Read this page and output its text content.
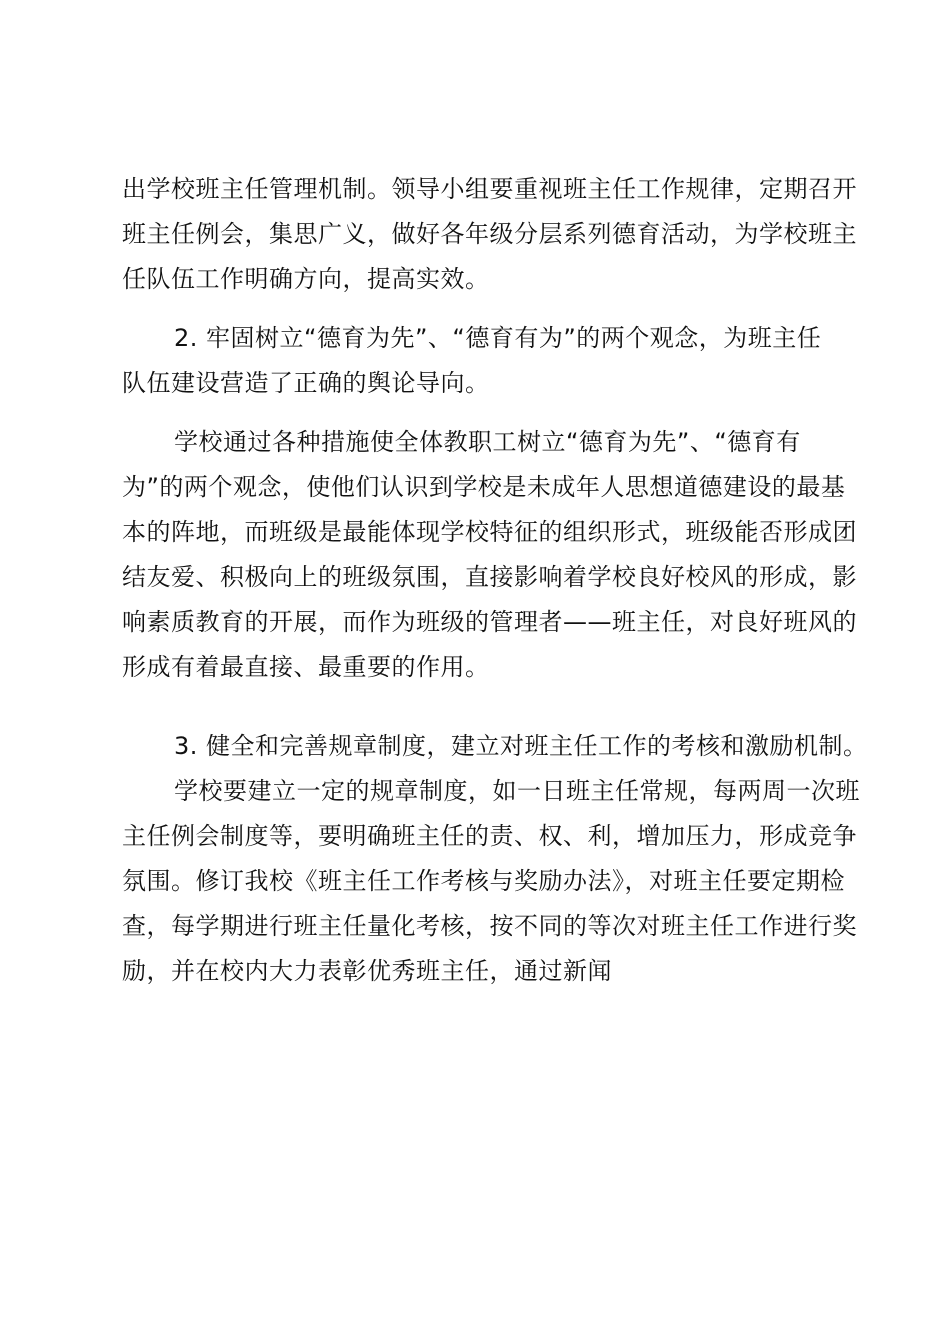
出学校班主任管理机制。领导小组要重视班主任工作规律，定期召开
班主任例会，集思广义，做好各年级分层系列德育活动，为学校班主
任队伍工作明确方向，提高实效。
2. 牢固树立“德育为先”、“德育有为”的两个观念，为班主任
队伍建设营造了正确的舆论导向。
学校通过各种措施使全体教职工树立“德育为先”、“德育有
为”的两个观念，使他们认识到学校是未成年人思想道德建设的最基
本的阵地，而班级是最能体现学校特征的组织形式，班级能否形成团
结友爱、积极向上的班级氛围，直接影响着学校良好校风的形成，影
响素质教育的开展，而作为班级的管理者——班主任，对良好班风的
形成有着最直接、最重要的作用。
3. 健全和完善规章制度，建立对班主任工作的考核和激励机制。
学校要建立一定的规章制度，如一日班主任常规，每两周一次班
主任例会制度等，要明确班主任的责、权、利，增加压力，形成竞争
氛围。修订我校《班主任工作考核与奖励办法》，对班主任要定期检
查，每学期进行班主任量化考核，按不同的等次对班主任工作进行奖
励，并在校内大力表彰优秀班主任，通过新闻
